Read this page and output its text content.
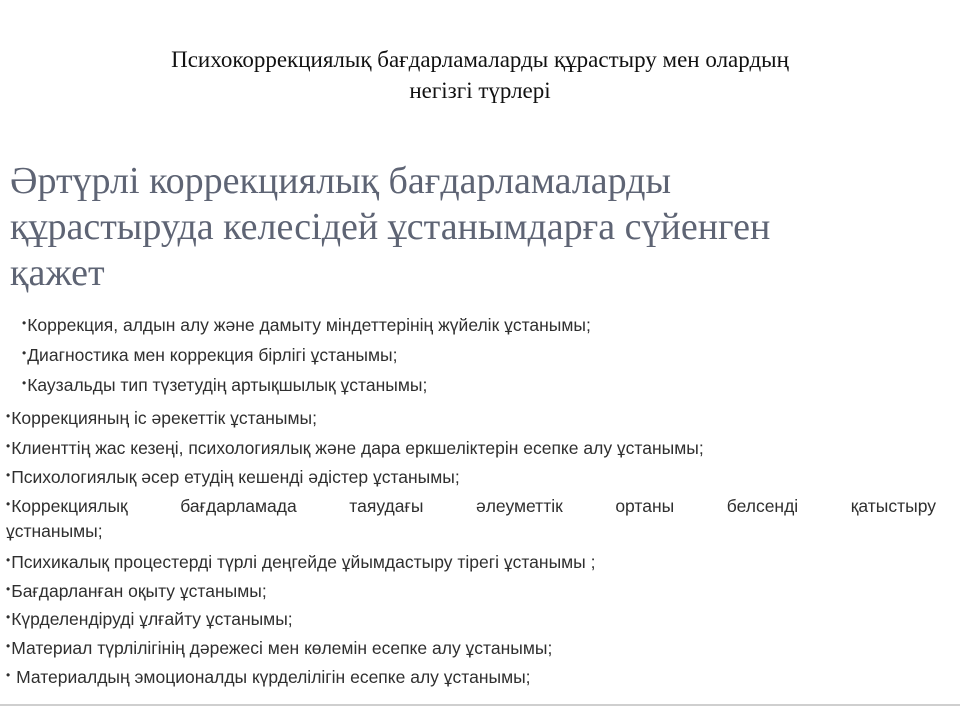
Психокоррекциялық бағдарламаларды құрастыру мен олардың
негізгі түрлері
Әртүрлі коррекциялық бағдарламаларды
құрастыруда келесідей ұстанымдарға сүйенген
қажет
•Коррекция, алдын алу және дамыту міндеттерінің жүйелік ұстанымы;
•Диагностика мен коррекция бірлігі ұстанымы;
•Каузальды тип түзетудің артықшылық ұстанымы;
•Коррекцияның іс әрекеттік ұстанымы;
•Клиенттің жас кезеңі, психологиялық және дара еркшеліктерін есепке алу ұстанымы;
•Психологиялық әсер етудің кешенді әдістер ұстанымы;
•Коррекциялық бағдарламада таяудағы әлеуметтік ортаны белсенді қатыстыру
ұстнанымы;
•Психикалық процестерді түрлі деңгейде ұйымдастыру тірегі ұстанымы ;
•Бағдарланған оқыту ұстанымы;
•Күрделендіруді ұлғайту ұстанымы;
•Материал түрлілігінің дәрежесі мен көлемін есепке алу ұстанымы;
• Материалдың эмоционалды күрделілігін есепке алу ұстанымы;
